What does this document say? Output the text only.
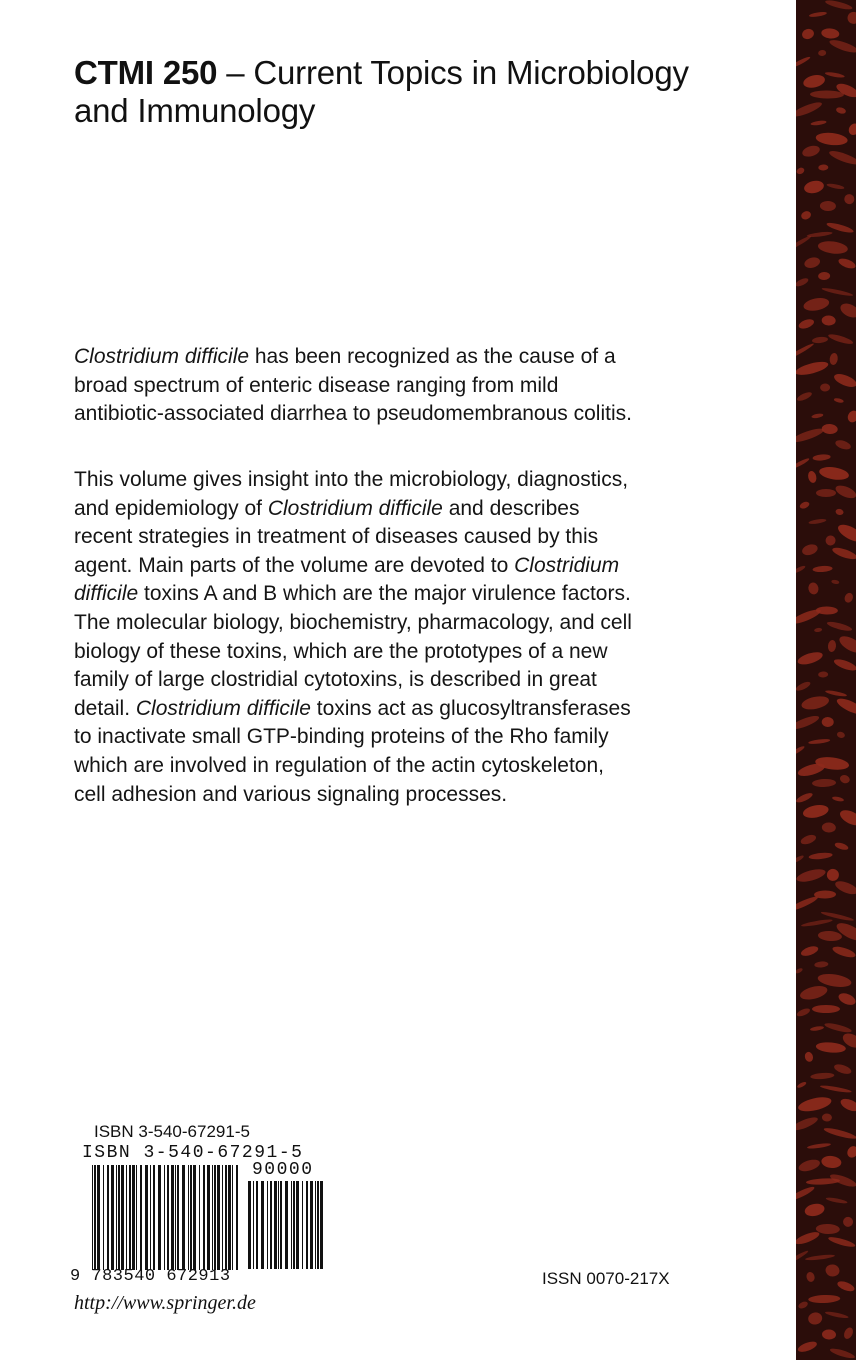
CTMI 250 – Current Topics in Microbiology and Immunology

Clostridium difficile has been recognized as the cause of a broad spectrum of enteric disease ranging from mild antibiotic-associated diarrhea to pseudomembranous colitis.

This volume gives insight into the microbiology, diagnostics, and epidemiology of Clostridium difficile and describes recent strategies in treatment of diseases caused by this agent. Main parts of the volume are devoted to Clostridium difficile toxins A and B which are the major virulence factors. The molecular biology, biochemistry, pharmacology, and cell biology of these toxins, which are the prototypes of a new family of large clostridial cytotoxins, is described in great detail. Clostridium difficile toxins act as glucosyltransferases to inactivate small GTP-binding proteins of the Rho family which are involved in regulation of the actin cytoskeleton, cell adhesion and various signaling processes.

ISBN 3-540-67291-5
ISBN 3-540-67291-5
90000
9 783540 672913	ISSN 0070-217X
http://www.springer.de
